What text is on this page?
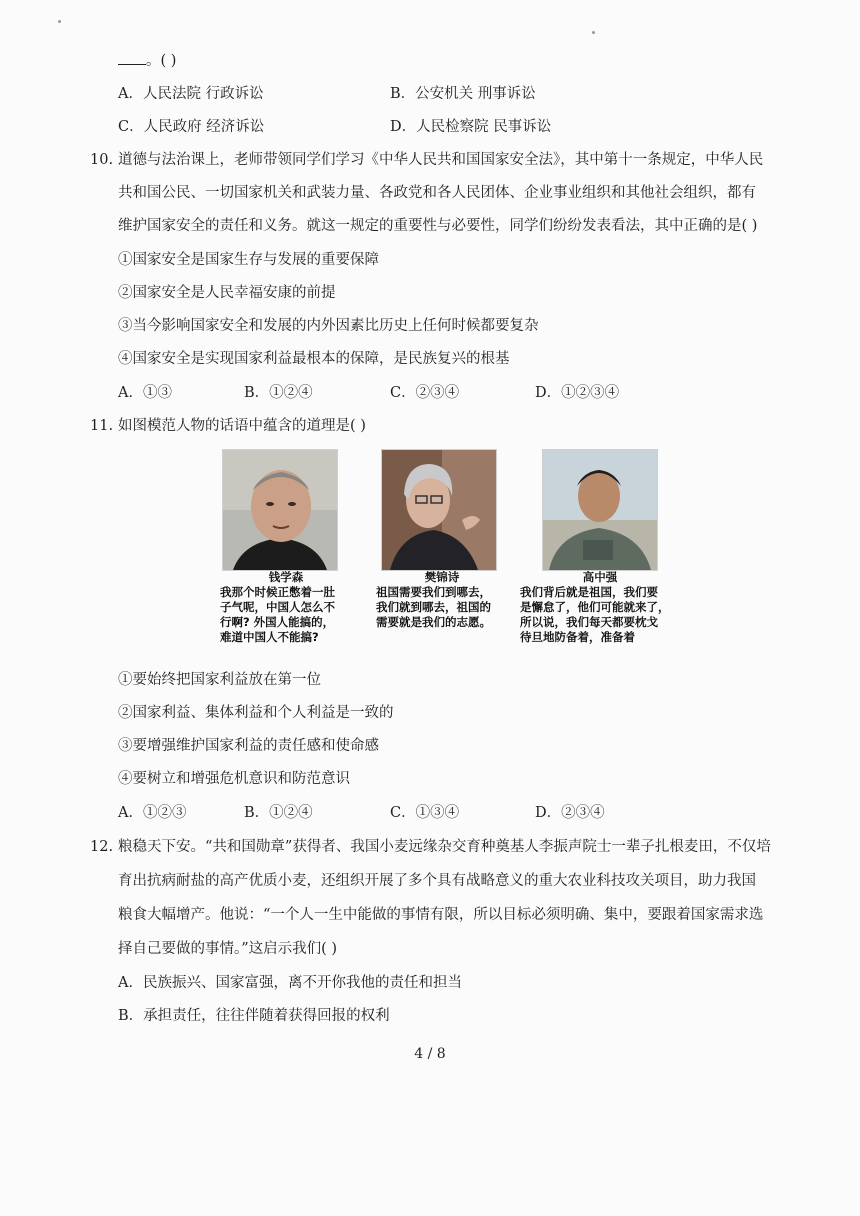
。( )
A．人民法院 行政诉讼	B．公安机关 刑事诉讼
C．人民政府 经济诉讼	D．人民检察院 民事诉讼
10. 道德与法治课上，老师带领同学们学习《中华人民共和国国家安全法》，其中第十一条规定，中华人民
共和国公民、一切国家机关和武装力量、各政党和各人民团体、企业事业组织和其他社会组织，都有
维护国家安全的责任和义务。就这一规定的重要性与必要性，同学们纷纷发表看法，其中正确的是( )
①国家安全是国家生存与发展的重要保障
②国家安全是人民幸福安康的前提
③当今影响国家安全和发展的内外因素比历史上任何时候都要复杂
④国家安全是实现国家利益最根本的保障，是民族复兴的根基
A．①③	B．①②④	C．②③④	D．①②③④
11. 如图模范人物的话语中蕴含的道理是( )
钱学森
我那个时候正憋着一肚
子气呢，中国人怎么不
行啊? 外国人能搞的，
难道中国人不能搞?
樊锦诗
祖国需要我们到哪去，
我们就到哪去，祖国的
需要就是我们的志愿。
高中强
我们背后就是祖国，我们要
是懈怠了，他们可能就来了，
所以说，我们每天都要枕戈
待旦地防备着，准备着
①要始终把国家利益放在第一位
②国家利益、集体利益和个人利益是一致的
③要增强维护国家利益的责任感和使命感
④要树立和增强危机意识和防范意识
A．①②③	B．①②④	C．①③④	D．②③④
12. 粮稳天下安。“共和国勋章”获得者、我国小麦远缘杂交育种奠基人李振声院士一辈子扎根麦田，不仅培
育出抗病耐盐的高产优质小麦，还组织开展了多个具有战略意义的重大农业科技攻关项目，助力我国
粮食大幅增产。他说：“一个人一生中能做的事情有限，所以目标必须明确、集中，要跟着国家需求选
择自己要做的事情。”这启示我们( )
A．民族振兴、国家富强，离不开你我他的责任和担当
B．承担责任，往往伴随着获得回报的权利
4 / 8
